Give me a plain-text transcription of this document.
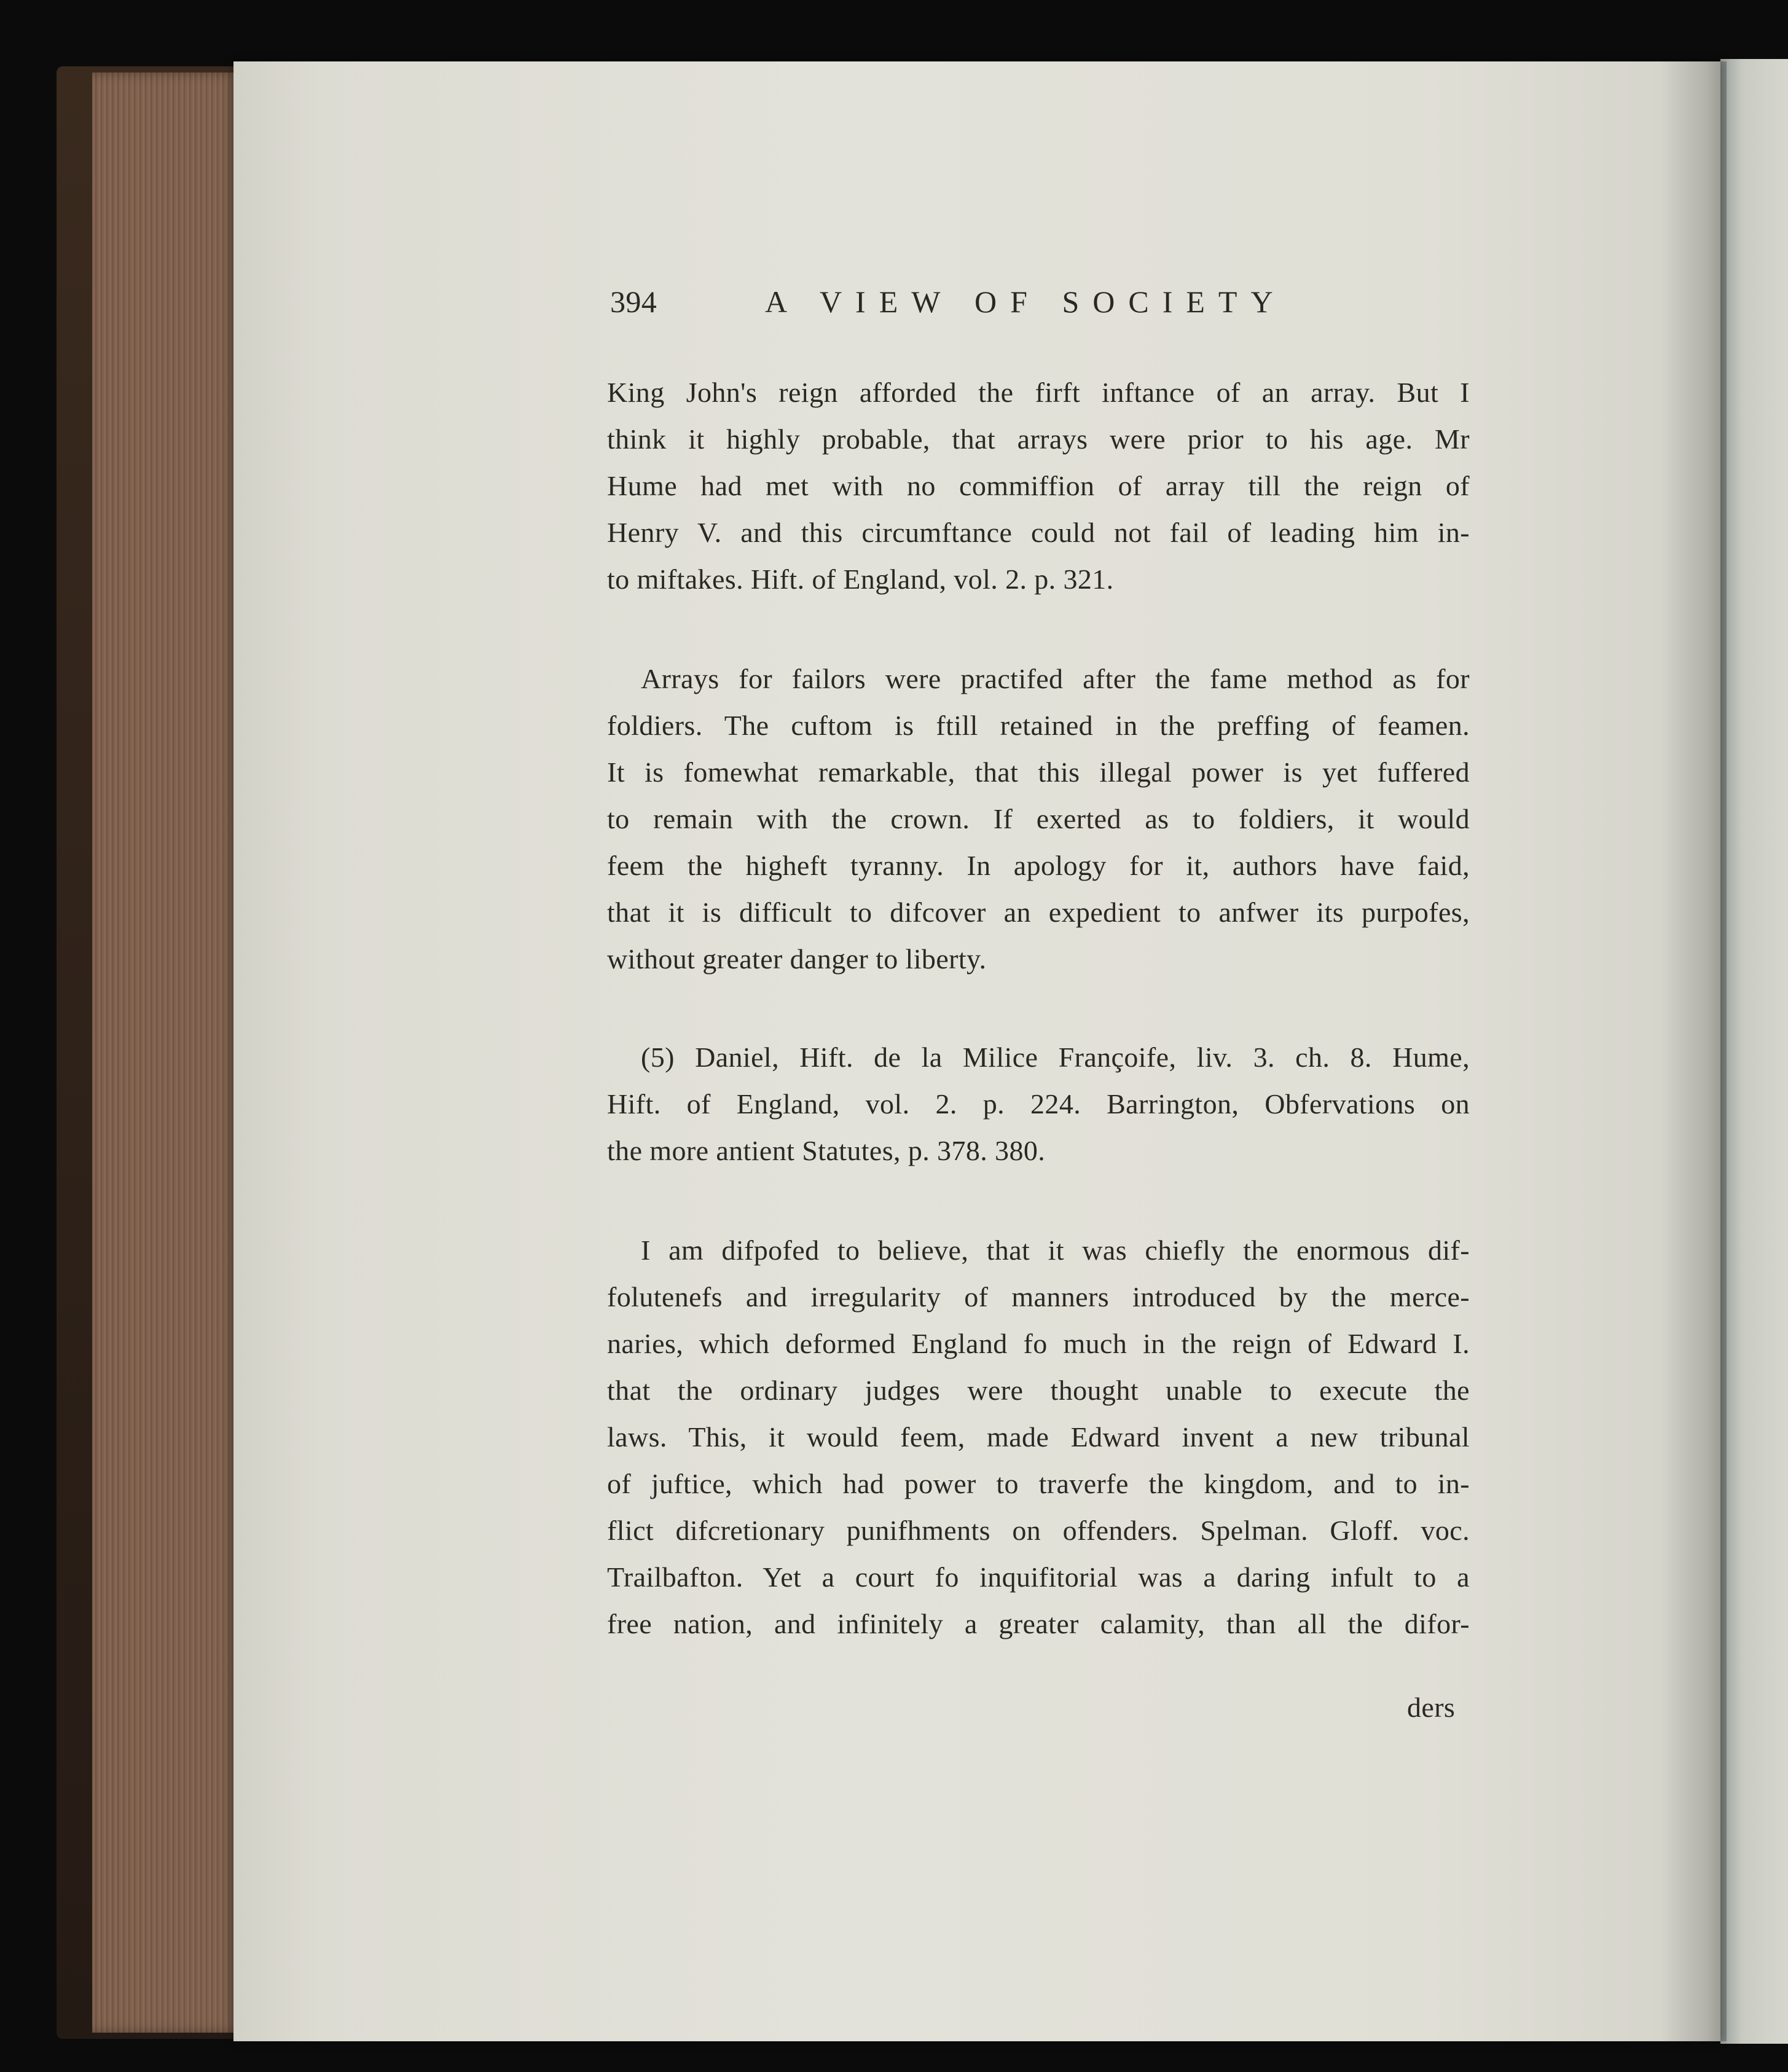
394	A VIEW OF SOCIETY
King John's reign afforded the firft inftance of an array. But I
think it highly probable, that arrays were prior to his age. Mr
Hume had met with no commiffion of array till the reign of
Henry V. and this circumftance could not fail of leading him in-
to miftakes. Hift. of England, vol. 2. p. 321.
Arrays for failors were practifed after the fame method as for
foldiers. The cuftom is ftill retained in the preffing of feamen.
It is fomewhat remarkable, that this illegal power is yet fuffered
to remain with the crown. If exerted as to foldiers, it would
feem the higheft tyranny. In apology for it, authors have faid,
that it is difficult to difcover an expedient to anfwer its purpofes,
without greater danger to liberty.
(5) Daniel, Hift. de la Milice Françoife, liv. 3. ch. 8. Hume,
Hift. of England, vol. 2. p. 224. Barrington, Obfervations on
the more antient Statutes, p. 378. 380.
I am difpofed to believe, that it was chiefly the enormous dif-
folutenefs and irregularity of manners introduced by the merce-
naries, which deformed England fo much in the reign of Edward I.
that the ordinary judges were thought unable to execute the
laws. This, it would feem, made Edward invent a new tribunal
of juftice, which had power to traverfe the kingdom, and to in-
flict difcretionary punifhments on offenders. Spelman. Gloff. voc.
Trailbafton. Yet a court fo inquifitorial was a daring infult to a
free nation, and infinitely a greater calamity, than all the difor-
ders
